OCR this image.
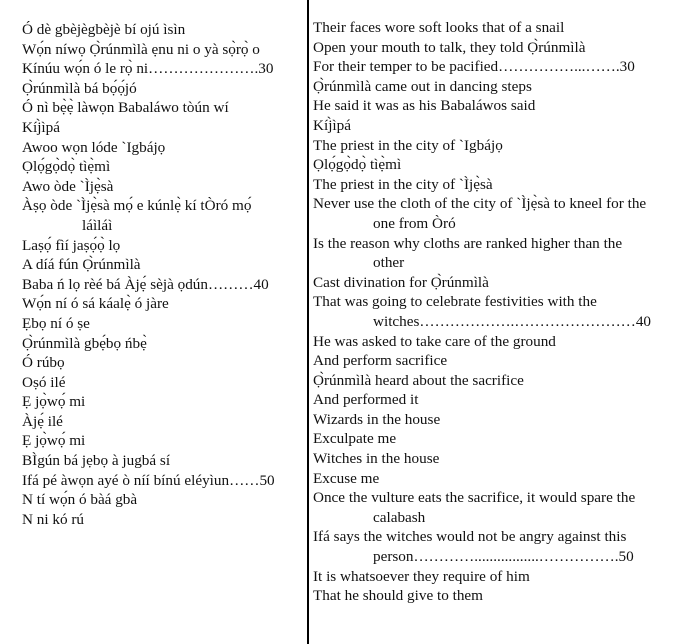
Ó dè gbèjègbèjè bí ojú ìsìn
Wọ́n níwọ Ọ̀rúnmìlà ẹnu ni o yà sọ̀rọ̀ o
Kínúu wọ́n ó le rọ̀ ni………………….30
Ọ̀rúnmìlà bá bọ́ọ́jó
Ó nì bẹ̀ẹ̀ làwọn Babaláwo tòún wí
Kíj̀ìpá
Awoo wọn lóde `Igbájọ
Ọlọ́gọ̀dọ̀ tìẹ̀mì
Awo òde `Ìjẹ̀sà
Àṣọ òde `Ìjẹ̀sà mọ́ e kúnlẹ̀ kí tÒró mọ́
láìláì
Laṣọ́ fìí jaṣọ́ọ̀ lọ
A díá fún Ọ̀rúnmìlà
Baba ń lọ rèé bá Àjẹ́ sèjà ọdún………40
Wọ́n ní ó sá káalẹ̀ ó jàre
Ẹbọ ní ó ṣe
Ọ̀rúnmìlà gbẹ́bọ ńbẹ̀
Ó rúbọ
Oṣó ilé
Ẹ jọ̀wọ́ mi
Àjẹ́ ilé
Ẹ jọ̀wọ́ mi
BÌgún bá jẹbọ à jugbá sí
Ifá pé àwọn ayé ò níí bínú eléyìun……50
N tí wọ́n ó bàá gbà
N ni kó rú
Their faces wore soft looks that of a snail
Open your mouth to talk, they told Ọ̀rúnmìlà
For their temper to be pacified……………...…….30
Ọ̀rúnmìlà came out in dancing steps
He said it was as his Babaláwos said
Kíj̀ìpá
The priest in the city of `Igbájọ
Ọlọ́gọ̀dọ̀ tìẹ̀mì
The priest in the city of `Ìjẹ̀sà
Never use the cloth of the city of `Ìjẹ̀sà to kneel for the
one from Òró
Is the reason why cloths are ranked higher than the
other
Cast divination for Ọ̀rúnmìlà
That was going to celebrate festivities with the
witches……………….……………………40
He was asked to take care of the ground
And perform sacrifice
Ọ̀rúnmìlà heard about the sacrifice
And performed it
Wizards in the house
Exculpate me
Witches in the house
Excuse me
Once the vulture eats the sacrifice, it would spare the
calabash
Ifá says the witches would not be angry against this
person………….................…………….50
It is whatsoever they require of him
That he should give to them
